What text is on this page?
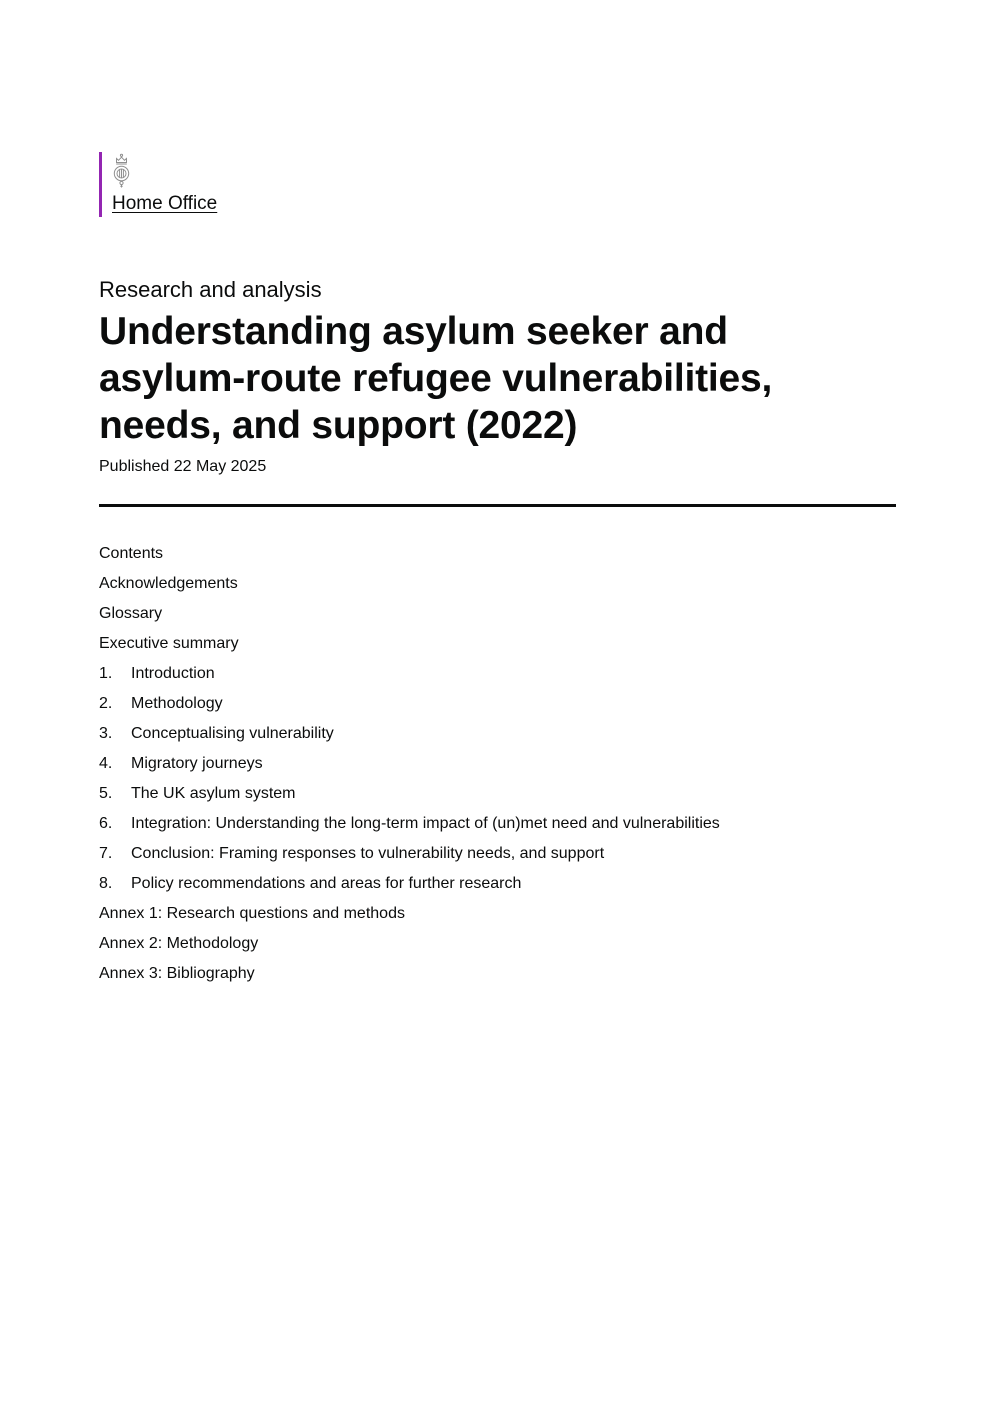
Home Office
Research and analysis
Understanding asylum seeker and
asylum-route refugee vulnerabilities,
needs, and support (2022)
Published 22 May 2025
Contents
Acknowledgements
Glossary
Executive summary
1.	Introduction
2.	Methodology
3.	Conceptualising vulnerability
4.	Migratory journeys
5.	The UK asylum system
6.	Integration: Understanding the long-term impact of (un)met need and vulnerabilities
7.	Conclusion: Framing responses to vulnerability needs, and support
8.	Policy recommendations and areas for further research
Annex 1: Research questions and methods
Annex 2: Methodology
Annex 3: Bibliography
